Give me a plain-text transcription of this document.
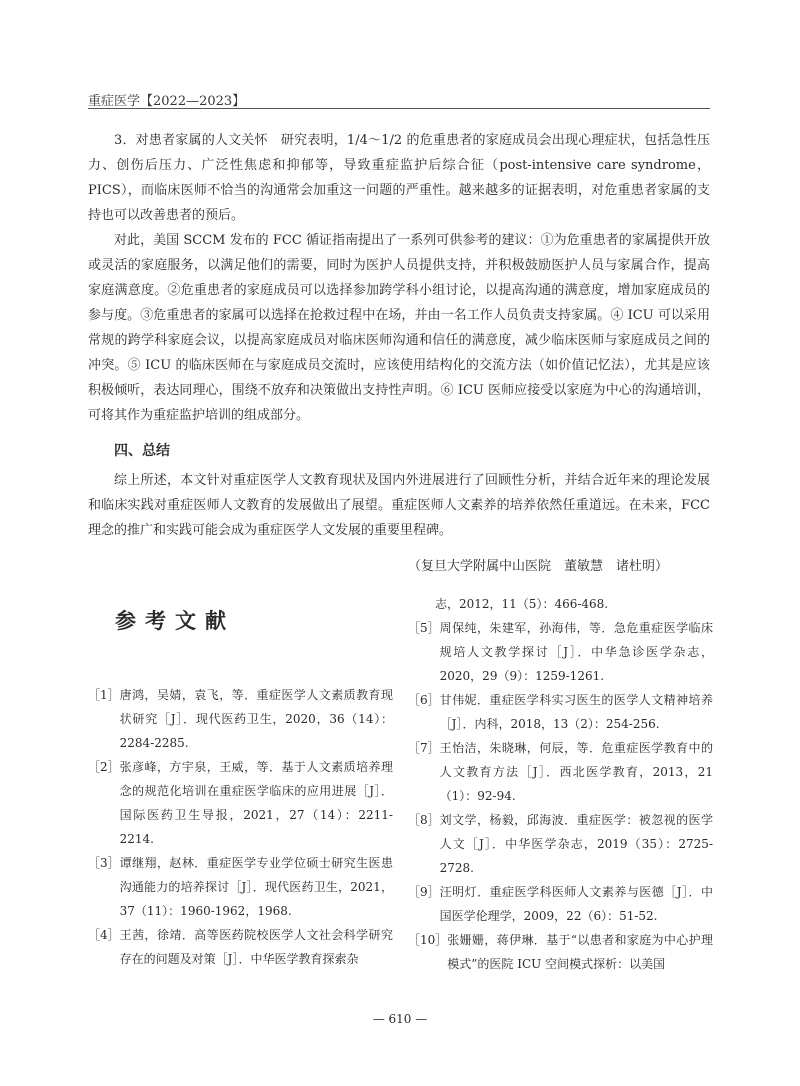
重症医学【2022—2023】

3．对患者家属的人文关怀　研究表明，1/4～1/2 的危重患者的家庭成员会出现心理症状，包括急性压力、创伤后压力、广泛性焦虑和抑郁等，导致重症监护后综合征（post-intensive care syndrome，PICS），而临床医师不恰当的沟通常会加重这一问题的严重性。越来越多的证据表明，对危重患者家属的支持也可以改善患者的预后。

对此，美国 SCCM 发布的 FCC 循证指南提出了一系列可供参考的建议：①为危重患者的家属提供开放或灵活的家庭服务，以满足他们的需要，同时为医护人员提供支持，并积极鼓励医护人员与家属合作，提高家庭满意度。②危重患者的家庭成员可以选择参加跨学科小组讨论，以提高沟通的满意度，增加家庭成员的参与度。③危重患者的家属可以选择在抢救过程中在场，并由一名工作人员负责支持家属。④ ICU 可以采用常规的跨学科家庭会议，以提高家庭成员对临床医师沟通和信任的满意度，减少临床医师与家庭成员之间的冲突。⑤ ICU 的临床医师在与家庭成员交流时，应该使用结构化的交流方法（如价值记忆法），尤其是应该积极倾听，表达同理心，围绕不放弃和决策做出支持性声明。⑥ ICU 医师应接受以家庭为中心的沟通培训，可将其作为重症监护培训的组成部分。

四、总结

综上所述，本文针对重症医学人文教育现状及国内外进展进行了回顾性分析，并结合近年来的理论发展和临床实践对重症医师人文教育的发展做出了展望。重症医师人文素养的培养依然任重道远。在未来，FCC 理念的推广和实践可能会成为重症医学人文发展的重要里程碑。

（复旦大学附属中山医院　董敏慧　诸杜明）
参考文献
［1］ 唐鸿，吴婧，袁飞，等．重症医学人文素质教育现状研究［J］．现代医药卫生，2020，36（14）：2284-2285.
［2］ 张彦峰，方宇泉，王威，等．基于人文素质培养理念的规范化培训在重症医学临床的应用进展［J］．国际医药卫生导报，2021，27（14）：2211-2214.
［3］ 谭继翔，赵林．重症医学专业学位硕士研究生医患沟通能力的培养探讨［J］．现代医药卫生，2021，37（11）：1960-1962，1968.
［4］ 王茜，徐靖．高等医药院校医学人文社会科学研究存在的问题及对策［J］．中华医学教育探索杂
志，2012，11（5）：466-468.
［5］ 周保纯，朱建军，孙海伟，等．急危重症医学临床规培人文教学探讨［J］．中华急诊医学杂志，2020，29（9）：1259-1261.
［6］ 甘伟妮．重症医学科实习医生的医学人文精神培养［J］．内科，2018，13（2）：254-256.
［7］ 王怡洁，朱晓琳，何辰，等．危重症医学教育中的人文教育方法［J］．西北医学教育，2013，21（1）：92-94.
［8］ 刘文学，杨毅，邱海波．重症医学：被忽视的医学人文［J］．中华医学杂志，2019（35）：2725-2728.
［9］ 汪明灯．重症医学科医师人文素养与医德［J］．中国医学伦理学，2009，22（6）：51-52.
［10］ 张姗姗，蒋伊琳．基于“以患者和家庭为中心护理模式”的医院 ICU 空间模式探析：以美国
— 610 —
